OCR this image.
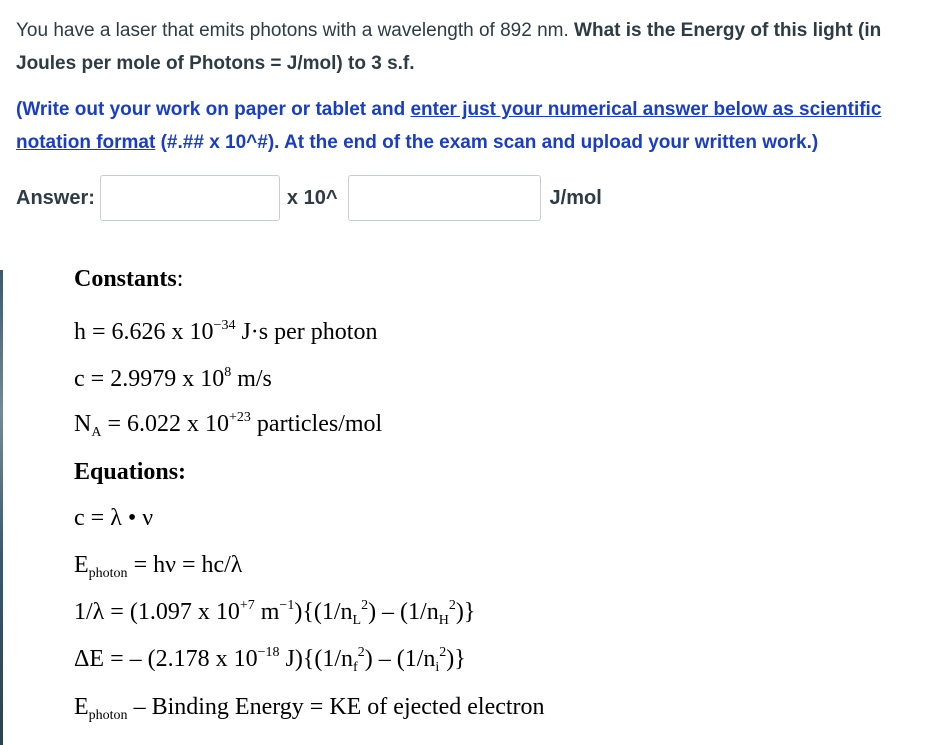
You have a laser that emits photons with a wavelength of 892 nm. What is the Energy of this light (in Joules per mole of Photons = J/mol) to 3 s.f.
(Write out your work on paper or tablet and enter just your numerical answer below as scientific notation format (#.## x 10^#). At the end of the exam scan and upload your written work.)
Answer:	x 10^	J/mol
Constants:
h = 6.626 x $10^{-34}$ J·s per photon
c = 2.9979 x $10^8$ m/s
$N_A = 6.022$ x $10^{+23}$ particles/mol
Equations:
c = λ • ν
$E_{photon} = h\nu = hc/\lambda$
1/λ = (1.097 x $10^{+7}$ $m^{-1})\{(1/n_L^2) - (1/n_H^2)\}$
ΔE = – (2.178 x $10^{-18}$ $J)\{(1/n_f^2) - (1/n_i^2)\}$
$E_{photon}$ – Binding Energy = KE of ejected electron
